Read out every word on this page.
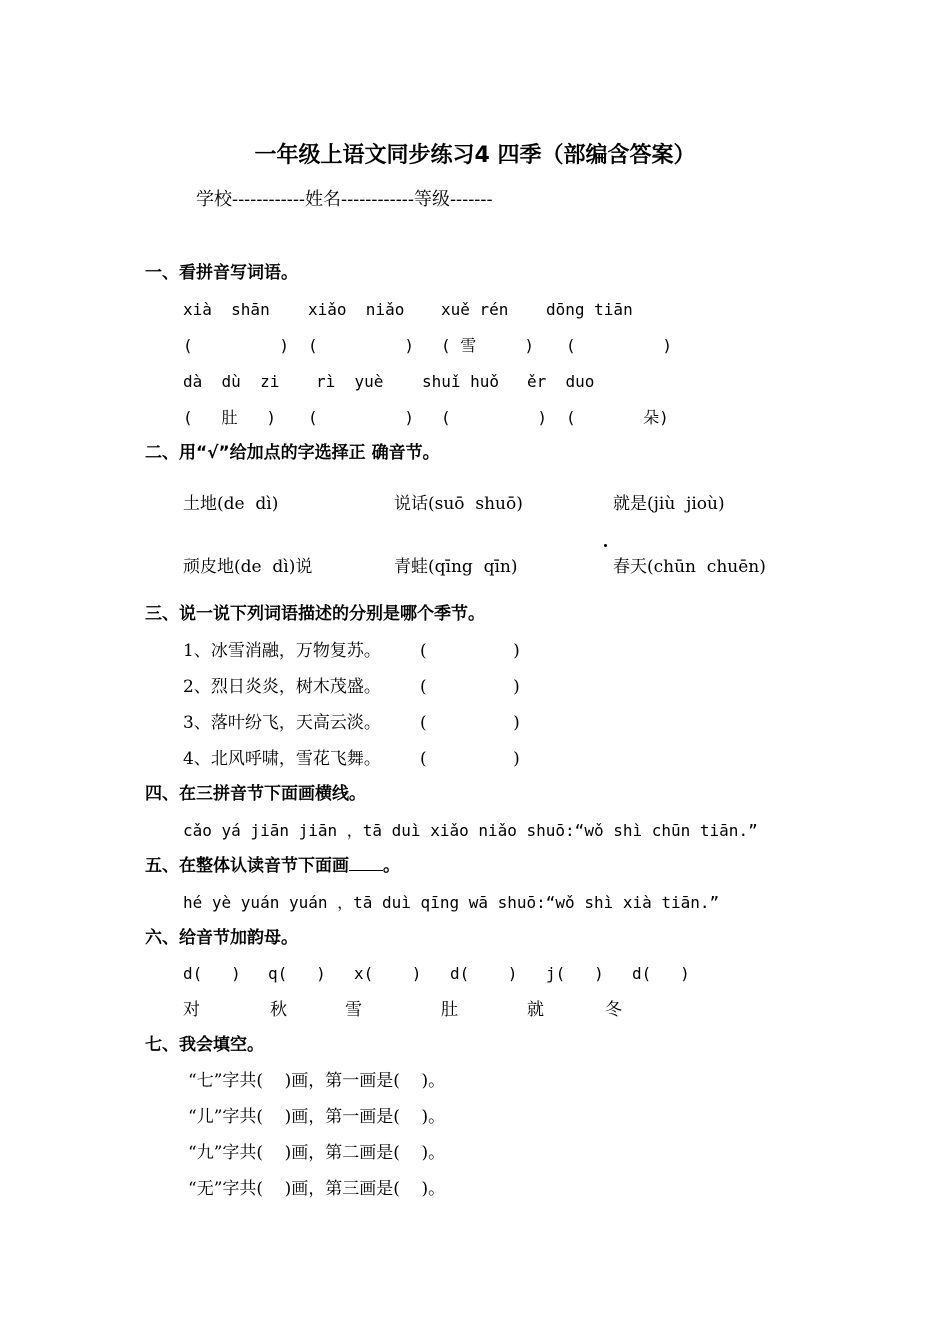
一年级上语文同步练习4 四季（部编含答案）
学校------------姓名------------等级-------
一、看拼音写词语。
xià  shān xiǎo  niǎo xuě rén dōng tiān
(         ) (         ) ( 雪     ) (         )
dà  dù  zi rì  yuè shuǐ huǒ ěr  duo
(   肚   ) (         ) (         ) (       朵)
二、用“√”给加点的字选择正 确音节。
土地(de  dì)	说话(suō  shuō)	就是(jiù  jioù)
顽皮地(de  dì)说	青蛙(qīng  qīn)	春天(chūn  chuēn)
三、说一说下列词语描述的分别是哪个季节。
1、冰雪消融，万物复苏。 (                )
2、烈日炎炎，树木茂盛。 (                )
3、落叶纷飞，天高云淡。 (                )
4、北风呼啸，雪花飞舞。 (                )
四、在三拼音节下面画横线。
cǎo yá jiān jiān ，tā duì xiǎo niǎo shuō:“wǒ shì chūn tiān.”
五、在整体认读音节下面画 。
hé yè yuán yuán ，tā duì qīng wā shuō:“wǒ shì xià tiān.”
六、给音节加韵母。
d(   ) q(   ) x(    ) d(    ) j(   ) d(   )
对	秋	雪	肚	就	冬
七、我会填空。
“七”字共(    )画，第一画是(    )。
“儿”字共(    )画，第一画是(    )。
“九”字共(    )画，第二画是(    )。
“无”字共(    )画，第三画是(    )。
